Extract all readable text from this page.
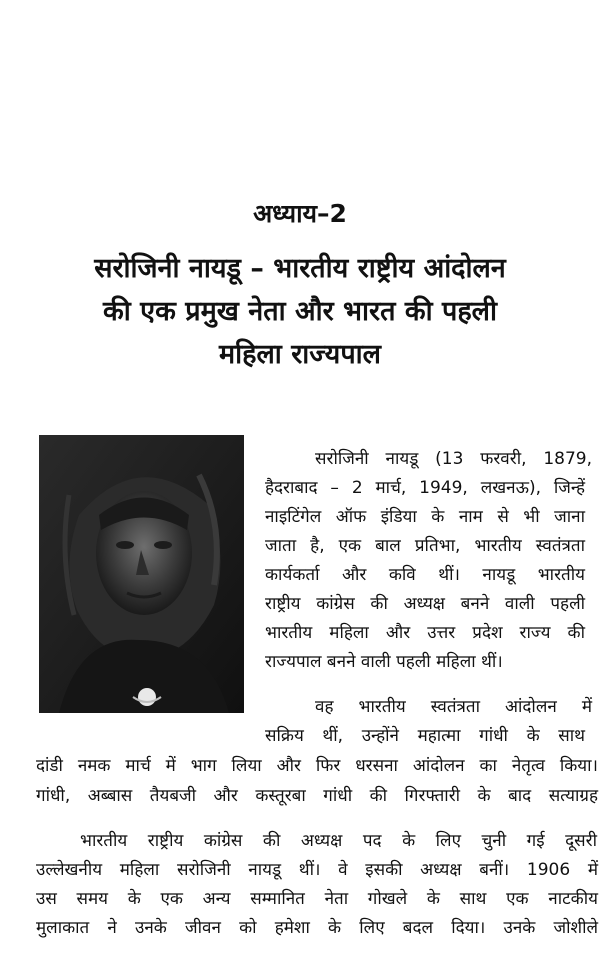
अध्याय–2
सरोजिनी नायडू – भारतीय राष्ट्रीय आंदोलन
की एक प्रमुख नेता और भारत की पहली
महिला राज्यपाल
सरोजिनी नायडू (13 फरवरी, 1879,
हैदराबाद – 2 मार्च, 1949, लखनऊ), जिन्हें
नाइटिंगेल ऑफ इंडिया के नाम से भी जाना
जाता है, एक बाल प्रतिभा, भारतीय स्वतंत्रता
कार्यकर्ता और कवि थीं। नायडू भारतीय
राष्ट्रीय कांग्रेस की अध्यक्ष बनने वाली पहली
भारतीय महिला और उत्तर प्रदेश राज्य की
राज्यपाल बनने वाली पहली महिला थीं।
वह भारतीय स्वतंत्रता आंदोलन में
सक्रिय थीं, उन्होंने महात्मा गांधी के साथ
दांडी नमक मार्च में भाग लिया और फिर धरसना आंदोलन का नेतृत्व किया।
गांधी, अब्बास तैयबजी और कस्तूरबा गांधी की गिरफ्तारी के बाद सत्याग्रह
भारतीय राष्ट्रीय कांग्रेस की अध्यक्ष पद के लिए चुनी गई दूसरी
उल्लेखनीय महिला सरोजिनी नायडू थीं। वे इसकी अध्यक्ष बनीं। 1906 में
उस समय के एक अन्य सम्मानित नेता गोखले के साथ एक नाटकीय
मुलाकात ने उनके जीवन को हमेशा के लिए बदल दिया। उनके जोशीले
